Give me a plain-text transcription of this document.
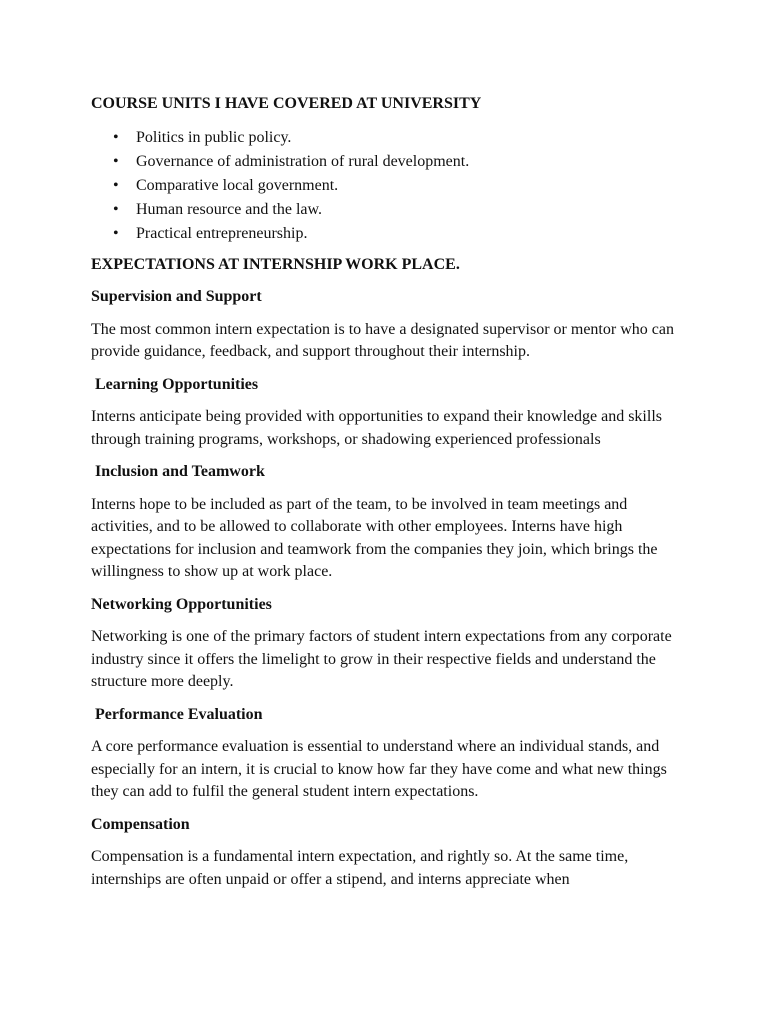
COURSE UNITS I HAVE COVERED AT UNIVERSITY

• Politics in public policy.
• Governance of administration of rural development.
• Comparative local government.
• Human resource and the law.
• Practical entrepreneurship.

EXPECTATIONS AT INTERNSHIP WORK PLACE.

Supervision and Support

The most common intern expectation is to have a designated supervisor or mentor who can provide guidance, feedback, and support throughout their internship.

Learning Opportunities

Interns anticipate being provided with opportunities to expand their knowledge and skills through training programs, workshops, or shadowing experienced professionals

Inclusion and Teamwork

Interns hope to be included as part of the team, to be involved in team meetings and activities, and to be allowed to collaborate with other employees. Interns have high expectations for inclusion and teamwork from the companies they join, which brings the willingness to show up at work place.

Networking Opportunities

Networking is one of the primary factors of student intern expectations from any corporate industry since it offers the limelight to grow in their respective fields and understand the structure more deeply.

Performance Evaluation

A core performance evaluation is essential to understand where an individual stands, and especially for an intern, it is crucial to know how far they have come and what new things they can add to fulfil the general student intern expectations.

Compensation

Compensation is a fundamental intern expectation, and rightly so. At the same time, internships are often unpaid or offer a stipend, and interns appreciate when
